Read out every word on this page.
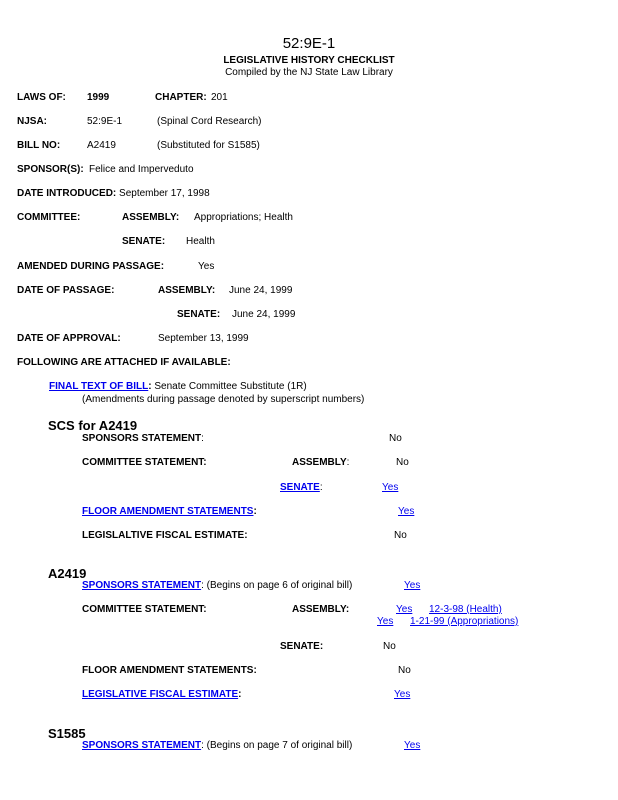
52:9E-1
LEGISLATIVE HISTORY CHECKLIST
Compiled by the NJ State Law Library
LAWS OF: 1999	CHAPTER: 201
NJSA:	52:9E-1	(Spinal Cord Research)
BILL NO:	A2419	(Substituted for S1585)
SPONSOR(S): Felice and Imperveduto
DATE INTRODUCED: September 17, 1998
COMMITTEE:	ASSEMBLY: Appropriations; Health
SENATE: Health
AMENDED DURING PASSAGE:	Yes
DATE OF PASSAGE:	ASSEMBLY: June 24, 1999
SENATE: June 24, 1999
DATE OF APPROVAL:	September 13, 1999
FOLLOWING ARE ATTACHED IF AVAILABLE:
FINAL TEXT OF BILL: Senate Committee Substitute (1R)
(Amendments during passage denoted by superscript numbers)
SCS for A2419
SPONSORS STATEMENT:	No
COMMITTEE STATEMENT:	ASSEMBLY:	No
SENATE:	Yes
FLOOR AMENDMENT STATEMENTS:	Yes
LEGISLALTIVE FISCAL ESTIMATE:	No
A2419
SPONSORS STATEMENT: (Begins on page 6 of original bill)	Yes
COMMITTEE STATEMENT:	ASSEMBLY:	Yes 12-3-98 (Health)
Yes 1-21-99 (Appropriations)
SENATE:	No
FLOOR AMENDMENT STATEMENTS:	No
LEGISLATIVE FISCAL ESTIMATE:	Yes
S1585
SPONSORS STATEMENT: (Begins on page 7 of original bill)	Yes
